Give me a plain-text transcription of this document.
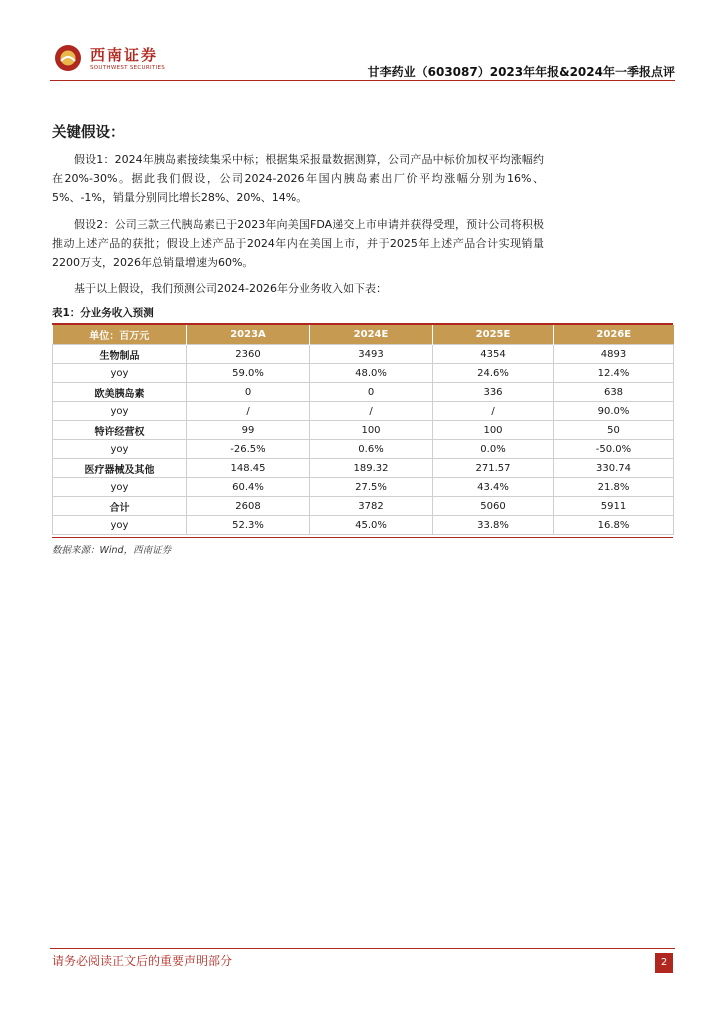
西南证券
SOUTHWEST SECURITIES	甘李药业（603087）2023年年报&2024年一季报点评
关键假设：
假设1：2024年胰岛素接续集采中标；根据集采报量数据测算，公司产品中标价加权平均涨幅约在20%-30%。据此我们假设，公司2024-2026年国内胰岛素出厂价平均涨幅分别为16%、5%、-1%，销量分别同比增长28%、20%、14%。
假设2：公司三款三代胰岛素已于2023年向美国FDA递交上市申请并获得受理，预计公司将积极推动上述产品的获批；假设上述产品于2024年内在美国上市，并于2025年上述产品合计实现销量2200万支，2026年总销量增速为60%。
基于以上假设，我们预测公司2024-2026年分业务收入如下表：
表1：分业务收入预测
单位：百万元	2023A	2024E	2025E	2026E
生物制品	2360	3493	4354	4893
yoy	59.0%	48.0%	24.6%	12.4%
欧美胰岛素	0	0	336	638
yoy	/	/	/	90.0%
特许经营权	99	100	100	50
yoy	-26.5%	0.6%	0.0%	-50.0%
医疗器械及其他	148.45	189.32	271.57	330.74
yoy	60.4%	27.5%	43.4%	21.8%
合计	2608	3782	5060	5911
yoy	52.3%	45.0%	33.8%	16.8%
数据来源：Wind，西南证券
请务必阅读正文后的重要声明部分	2
